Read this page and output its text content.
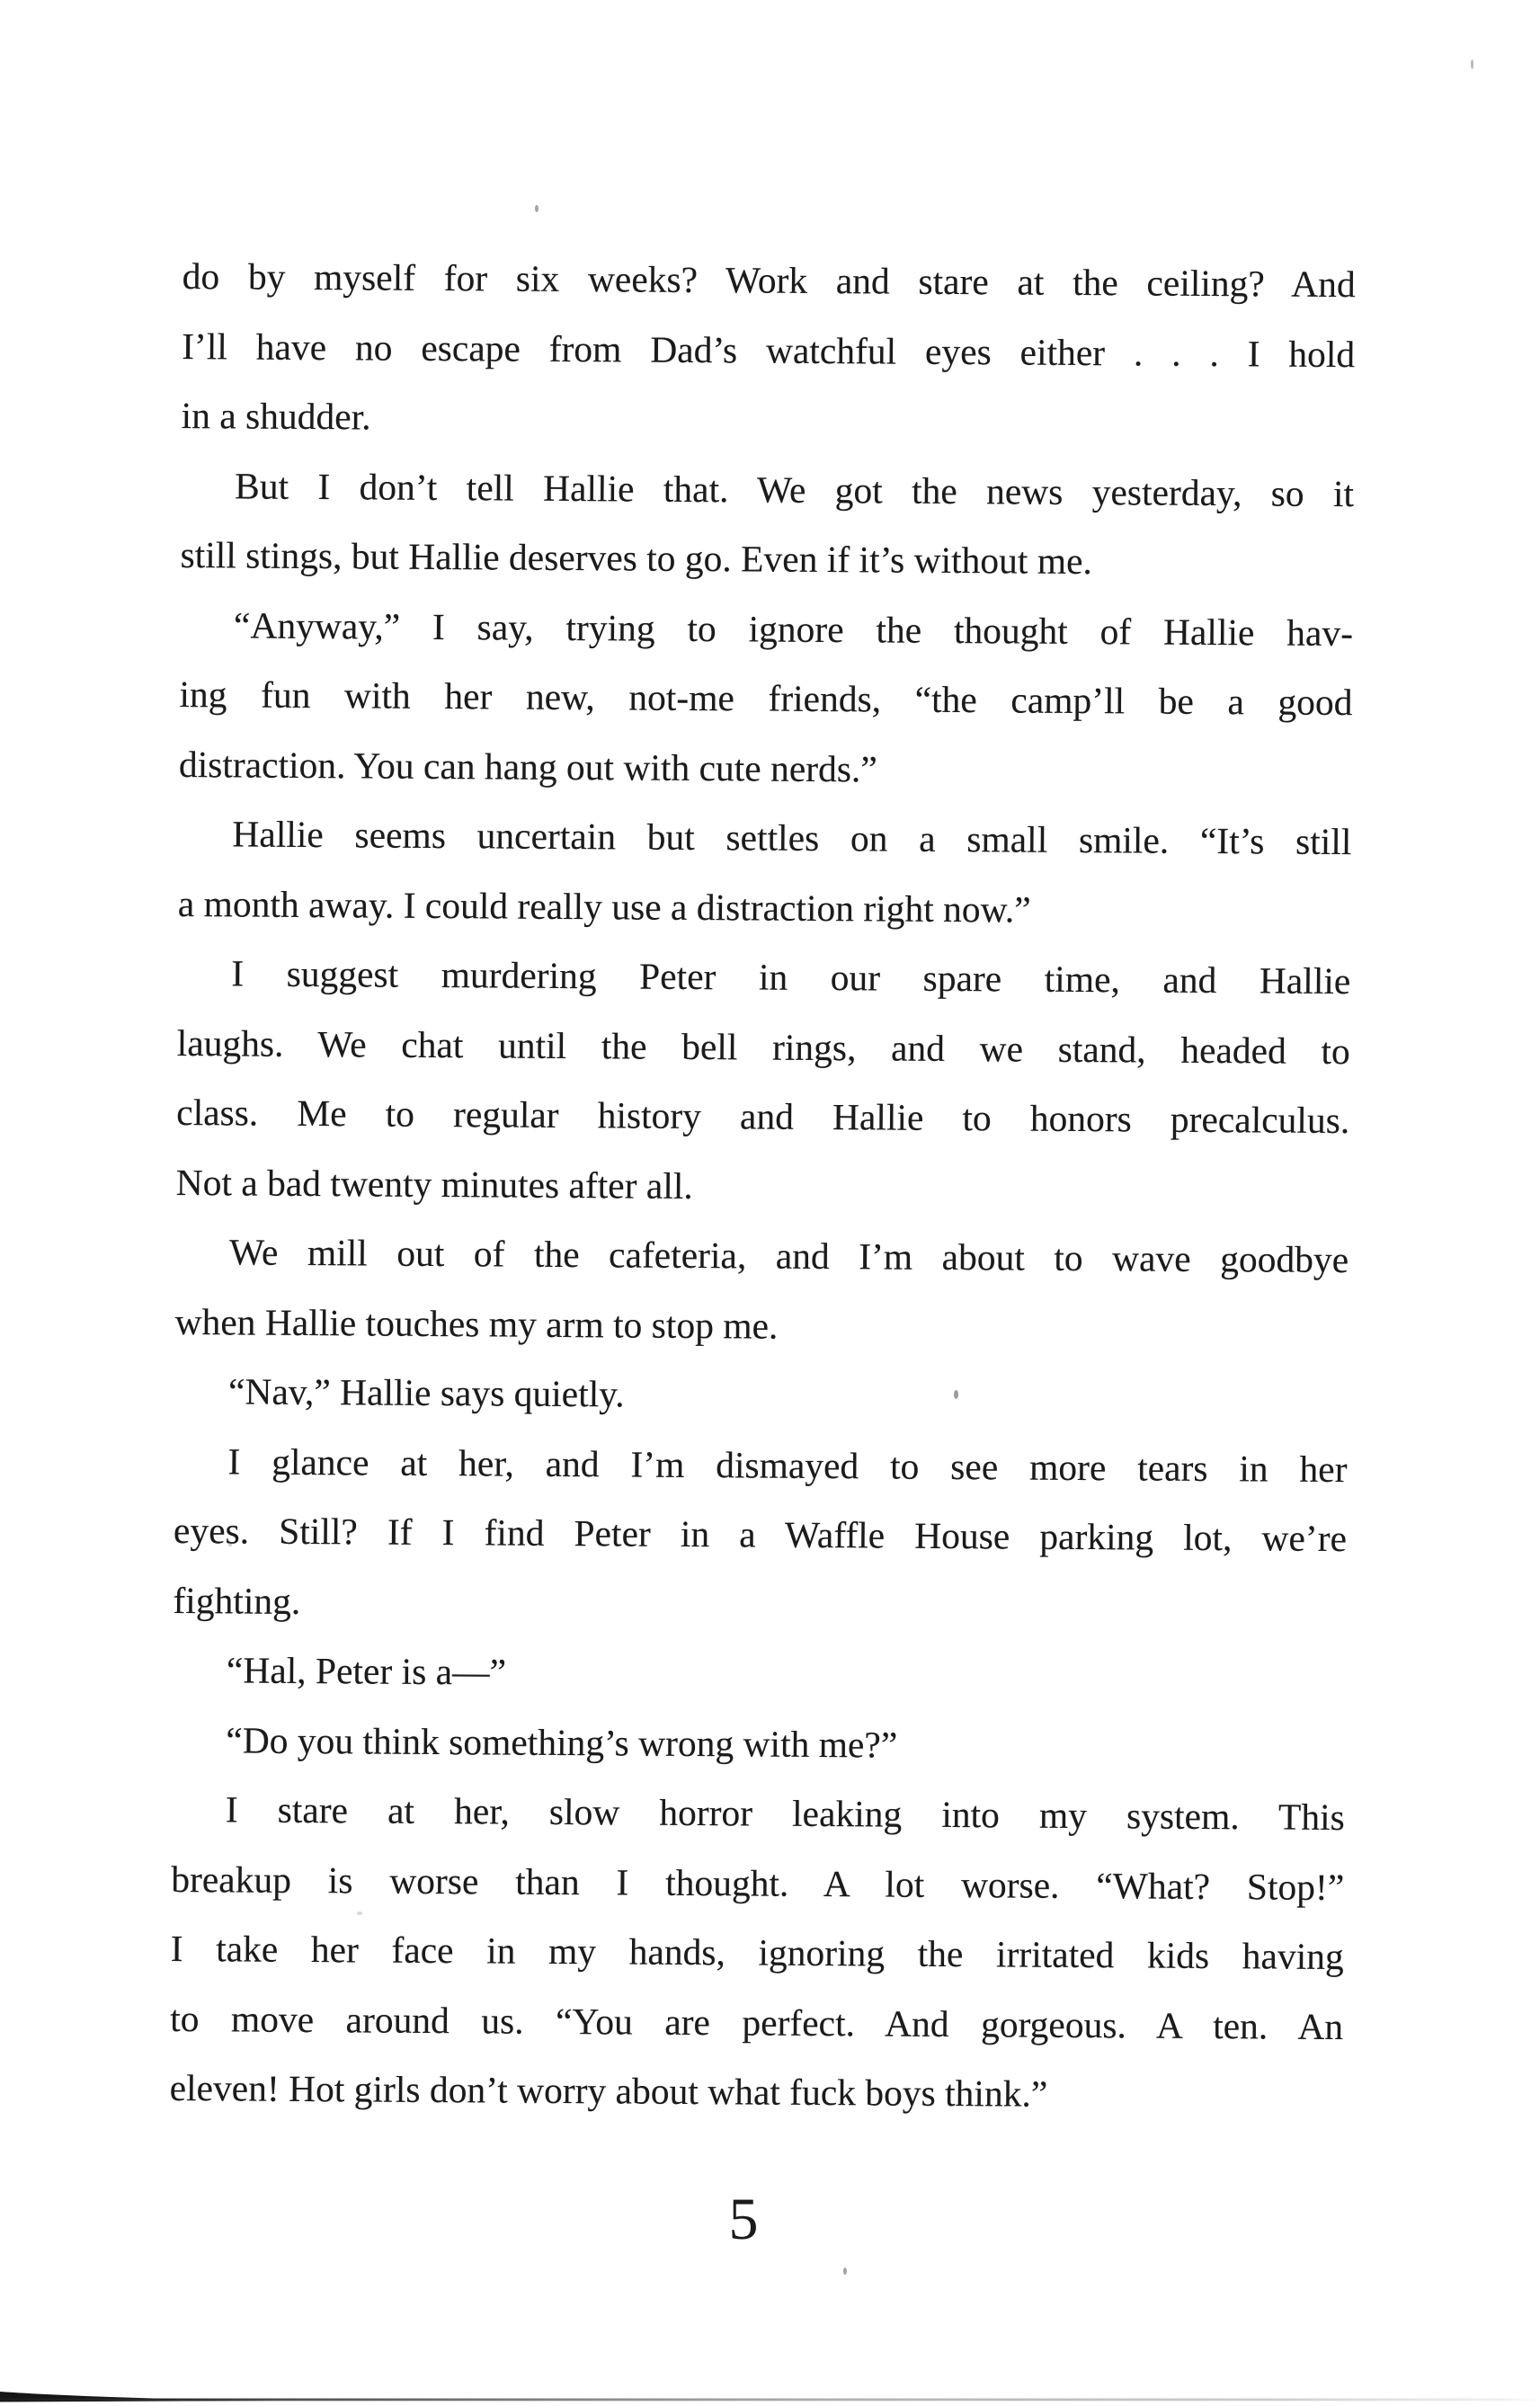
do by myself for six weeks? Work and stare at the ceiling? And
I’ll have no escape from Dad’s watchful eyes either . . . I hold
in a shudder.
But I don’t tell Hallie that. We got the news yesterday, so it
still stings, but Hallie deserves to go. Even if it’s without me.
“Anyway,” I say, trying to ignore the thought of Hallie hav-
ing fun with her new, not-me friends, “the camp’ll be a good
distraction. You can hang out with cute nerds.”
Hallie seems uncertain but settles on a small smile. “It’s still
a month away. I could really use a distraction right now.”
I suggest murdering Peter in our spare time, and Hallie
laughs. We chat until the bell rings, and we stand, headed to
class. Me to regular history and Hallie to honors precalculus.
Not a bad twenty minutes after all.
We mill out of the cafeteria, and I’m about to wave goodbye
when Hallie touches my arm to stop me.
“Nav,” Hallie says quietly.
I glance at her, and I’m dismayed to see more tears in her
eyes. Still? If I find Peter in a Waffle House parking lot, we’re
fighting.
“Hal, Peter is a—”
“Do you think something’s wrong with me?”
I stare at her, slow horror leaking into my system. This
breakup is worse than I thought. A lot worse. “What? Stop!”
I take her face in my hands, ignoring the irritated kids having
to move around us. “You are perfect. And gorgeous. A ten. An
eleven! Hot girls don’t worry about what fuck boys think.”
5
